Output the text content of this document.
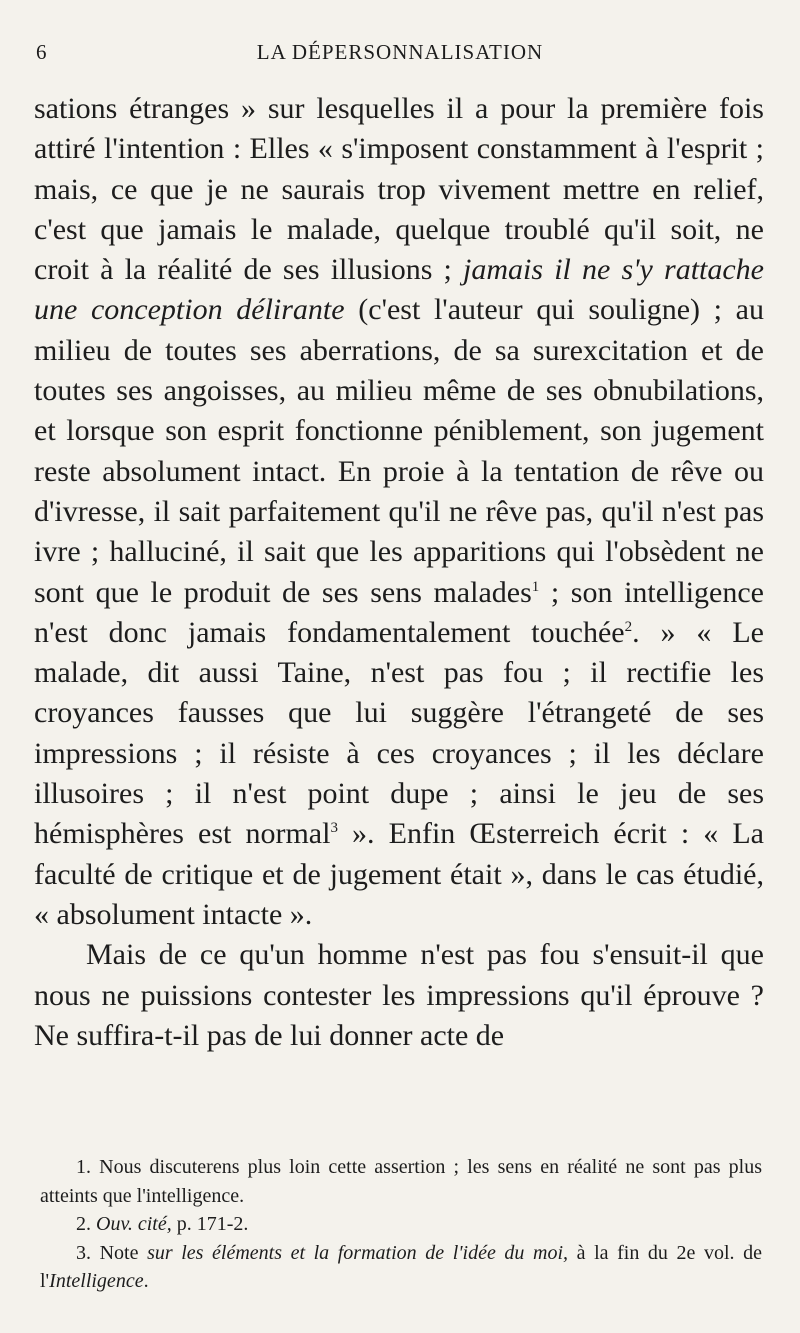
6	LA DÉPERSONNALISATION

sations étranges » sur lesquelles il a pour la première fois attiré l'intention : Elles « s'imposent constamment à l'esprit ; mais, ce que je ne saurais trop vivement mettre en relief, c'est que jamais le malade, quelque troublé qu'il soit, ne croit à la réalité de ses illusions ; jamais il ne s'y rattache une conception délirante (c'est l'auteur qui souligne) ; au milieu de toutes ses aberrations, de sa surexcitation et de toutes ses angoisses, au milieu même de ses obnubilations, et lorsque son esprit fonctionne péniblement, son jugement reste absolument intact. En proie à la tentation de rêve ou d'ivresse, il sait parfaitement qu'il ne rêve pas, qu'il n'est pas ivre ; halluciné, il sait que les apparitions qui l'obsèdent ne sont que le produit de ses sens malades$^1$ ; son intelligence n'est donc jamais fondamentalement touchée$^2$. » « Le malade, dit aussi Taine, n'est pas fou ; il rectifie les croyances fausses que lui suggère l'étrangeté de ses impressions ; il résiste à ces croyances ; il les déclare illusoires ; il n'est point dupe ; ainsi le jeu de ses hémisphères est normal$^3$ ». Enfin Œsterreich écrit : « La faculté de critique et de jugement était », dans le cas étudié, « absolument intacte ».

Mais de ce qu'un homme n'est pas fou s'ensuit-il que nous ne puissions contester les impressions qu'il éprouve ? Ne suffira-t-il pas de lui donner acte de

1. Nous discuterens plus loin cette assertion ; les sens en réalité ne sont pas plus atteints que l'intelligence.

2. Ouv. cité, p. 171-2.

3. Note sur les éléments et la formation de l'idée du moi, à la fin du 2e vol. de l'Intelligence.
